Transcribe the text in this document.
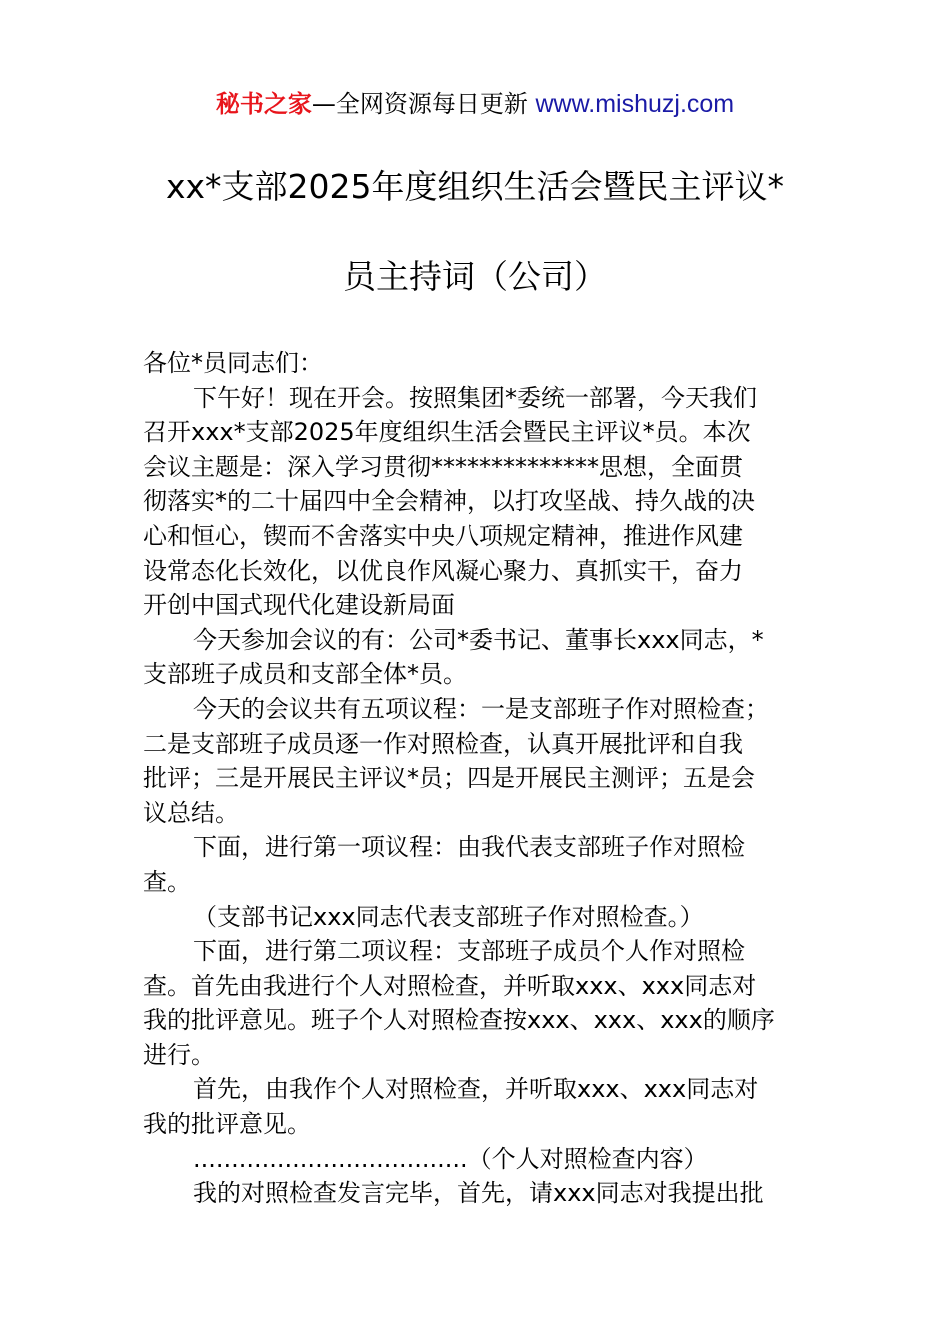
秘书之家—全网资源每日更新 www.mishuzj.com
xx*支部2025年度组织生活会暨民主评议*
员主持词（公司）
各位*员同志们：
下午好！现在开会。按照集团*委统一部署，今天我们
召开xxx*支部2025年度组织生活会暨民主评议*员。本次
会议主题是：深入学习贯彻**************思想，全面贯
彻落实*的二十届四中全会精神，以打攻坚战、持久战的决
心和恒心，锲而不舍落实中央八项规定精神，推进作风建
设常态化长效化，以优良作风凝心聚力、真抓实干，奋力
开创中国式现代化建设新局面
今天参加会议的有：公司*委书记、董事长xxx同志，*
支部班子成员和支部全体*员。
今天的会议共有五项议程：一是支部班子作对照检查；
二是支部班子成员逐一作对照检查，认真开展批评和自我
批评；三是开展民主评议*员；四是开展民主测评；五是会
议总结。
下面，进行第一项议程：由我代表支部班子作对照检
查。
（支部书记xxx同志代表支部班子作对照检查。）
下面，进行第二项议程：支部班子成员个人作对照检
查。首先由我进行个人对照检查，并听取xxx、xxx同志对
我的批评意见。班子个人对照检查按xxx、xxx、xxx的顺序
进行。
首先，由我作个人对照检查，并听取xxx、xxx同志对
我的批评意见。
....................................（个人对照检查内容）
我的对照检查发言完毕，首先，请xxx同志对我提出批
